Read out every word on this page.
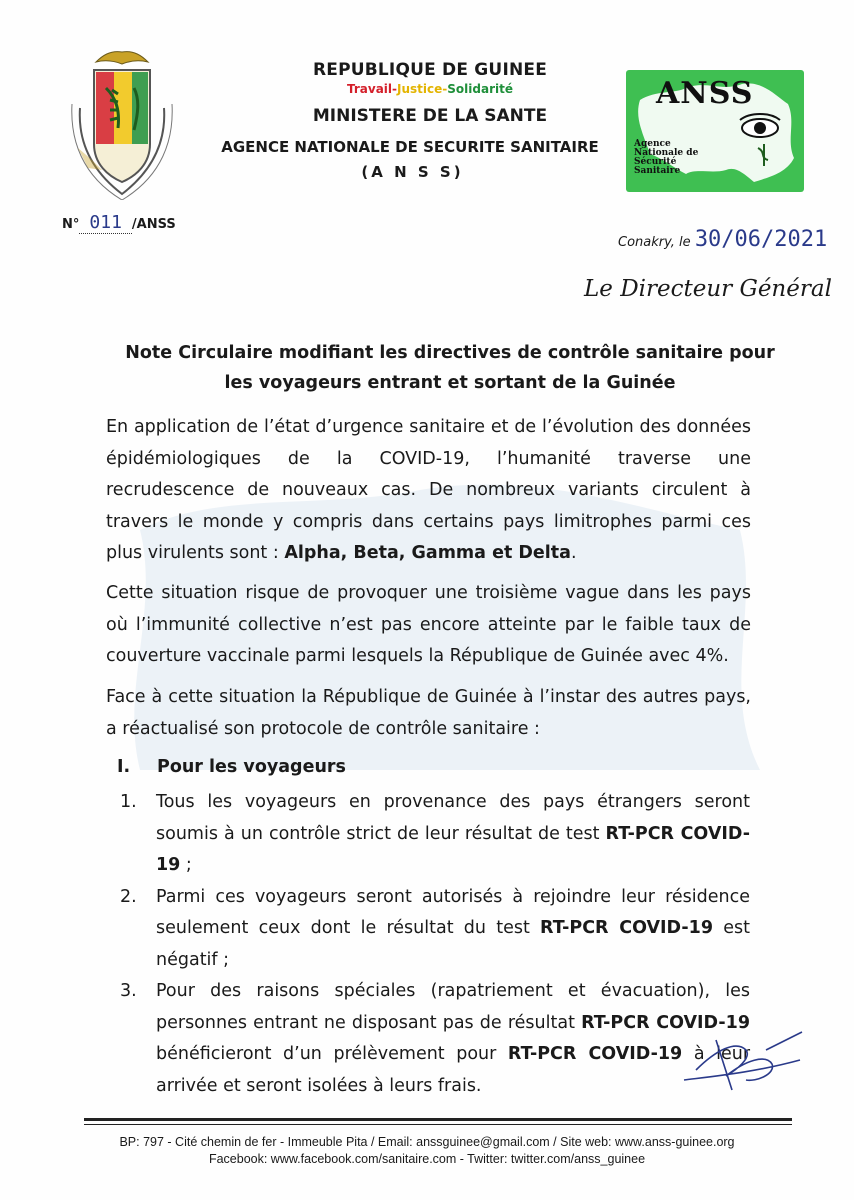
REPUBLIQUE DE GUINEE
Travail-Justice-Solidarité
MINISTERE DE LA SANTE
AGENCE NATIONALE DE SECURITE SANITAIRE
(A N S S)
ANSS
Agence
Nationale de
Sécurité
Sanitaire
N° 011 /ANSS
Conakry, le 30/06/2021
Le Directeur Général
Note Circulaire modifiant les directives de contrôle sanitaire pour les voyageurs entrant et sortant de la Guinée
En application de l’état d’urgence sanitaire et de l’évolution des données épidémiologiques de la COVID-19, l’humanité traverse une recrudescence de nouveaux cas. De nombreux variants circulent à travers le monde y compris dans certains pays limitrophes parmi ces plus virulents sont : Alpha, Beta, Gamma et Delta.
Cette situation risque de provoquer une troisième vague dans les pays où l’immunité collective n’est pas encore atteinte par le faible taux de couverture vaccinale parmi lesquels la République de Guinée avec 4%.
Face à cette situation la République de Guinée à l’instar des autres pays, a réactualisé son protocole de contrôle sanitaire :
I. Pour les voyageurs
1.	Tous les voyageurs en provenance des pays étrangers seront soumis à un contrôle strict de leur résultat de test RT-PCR COVID-19 ;
2.	Parmi ces voyageurs seront autorisés à rejoindre leur résidence seulement ceux dont le résultat du test RT-PCR COVID-19 est négatif ;
3.	Pour des raisons spéciales (rapatriement et évacuation), les personnes entrant ne disposant pas de résultat RT-PCR COVID-19 bénéficieront d’un prélèvement pour RT-PCR COVID-19 à leur arrivée et seront isolées à leurs frais.
BP: 797 - Cité chemin de fer - Immeuble Pita / Email: anssguinee@gmail.com / Site web: www.anss-guinee.org
Facebook: www.facebook.com/sanitaire.com - Twitter: twitter.com/anss_guinee
